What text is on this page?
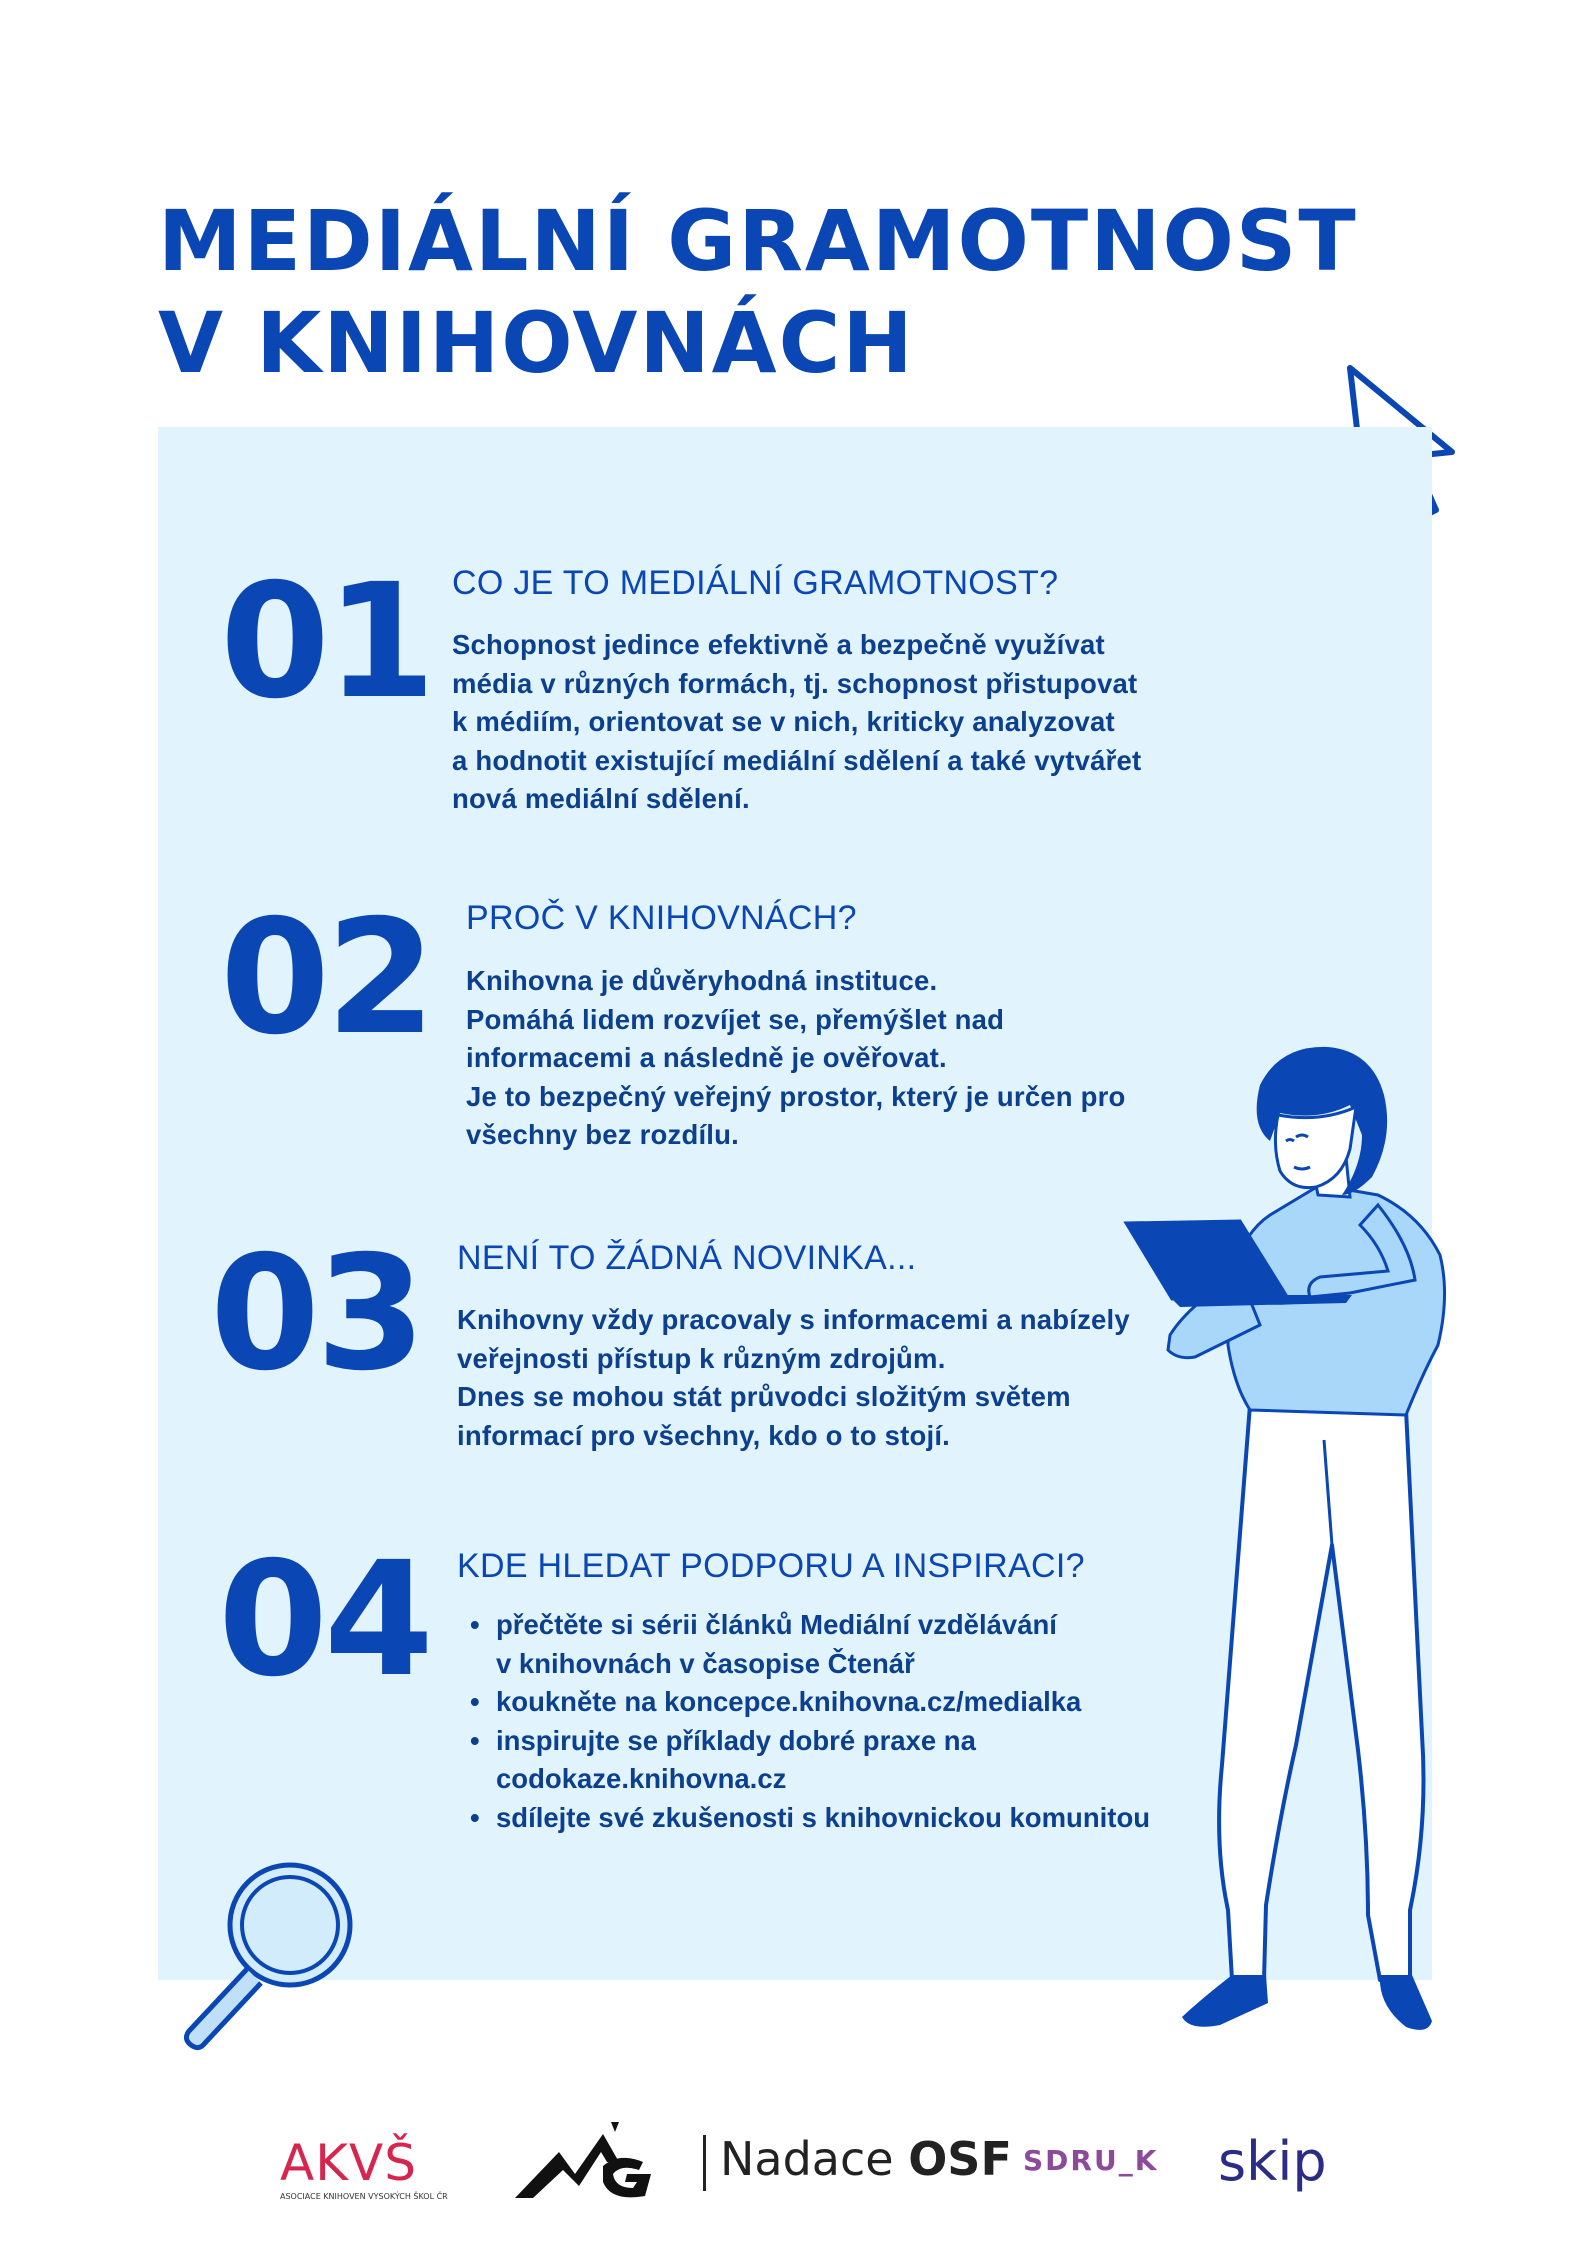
MEDIÁLNÍ GRAMOTNOST
V KNIHOVNÁCH
01 CO JE TO MEDIÁLNÍ GRAMOTNOST?
Schopnost jedince efektivně a bezpečně využívat
média v různých formách, tj. schopnost přistupovat
k médiím, orientovat se v nich, kriticky analyzovat
a hodnotit existující mediální sdělení a také vytvářet
nová mediální sdělení.
02 PROČ V KNIHOVNÁCH?
Knihovna je důvěryhodná instituce.
Pomáhá lidem rozvíjet se, přemýšlet nad
informacemi a následně je ověřovat.
Je to bezpečný veřejný prostor, který je určen pro
všechny bez rozdílu.
03 NENÍ TO ŽÁDNÁ NOVINKA...
Knihovny vždy pracovaly s informacemi a nabízely
veřejnosti přístup k různým zdrojům.
Dnes se mohou stát průvodci složitým světem
informací pro všechny, kdo o to stojí.
04 KDE HLEDAT PODPORU A INSPIRACI?
• přečtěte si sérii článků Mediální vzdělávání
v knihovnách v časopise Čtenář
• koukněte na koncepce.knihovna.cz/medialka
• inspirujte se příklady dobré praxe na
codokaze.knihovna.cz
• sdílejte své zkušenosti s knihovnickou komunitou
AKVŠ
ASOCIACE KNIHOVEN VYSOKÝCH ŠKOL ČR
Nadace OSF SDRU_K skip
